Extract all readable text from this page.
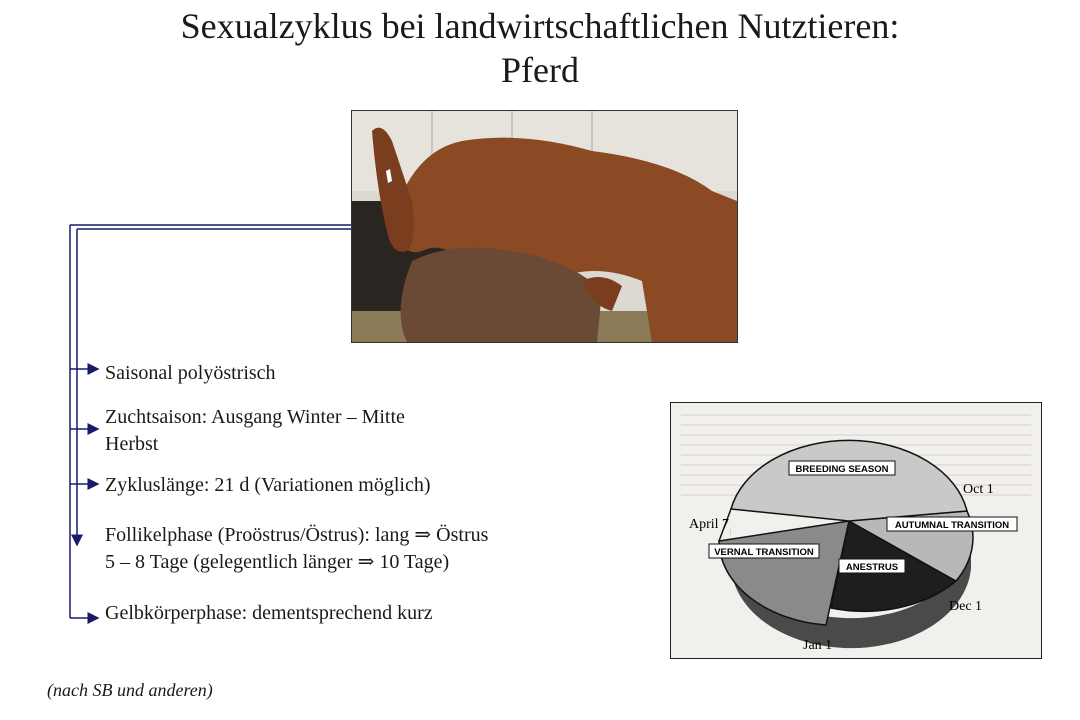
Sexualzyklus bei landwirtschaftlichen Nutztieren:
Pferd
Saisonal polyöstrisch
Zuchtsaison: Ausgang Winter – Mitte
Herbst
Zykluslänge: 21 d (Variationen möglich)
Follikelphase (Proöstrus/Östrus): lang ⇒ Östrus
5 – 8 Tage (gelegentlich länger ⇒ 10 Tage)
Gelbkörperphase: dementsprechend kurz
(nach SB und anderen)
BREEDING SEASON
AUTUMNAL TRANSITION
VERNAL TRANSITION
ANESTRUS
Oct 1
April 7
Dec 1
Jan 1
